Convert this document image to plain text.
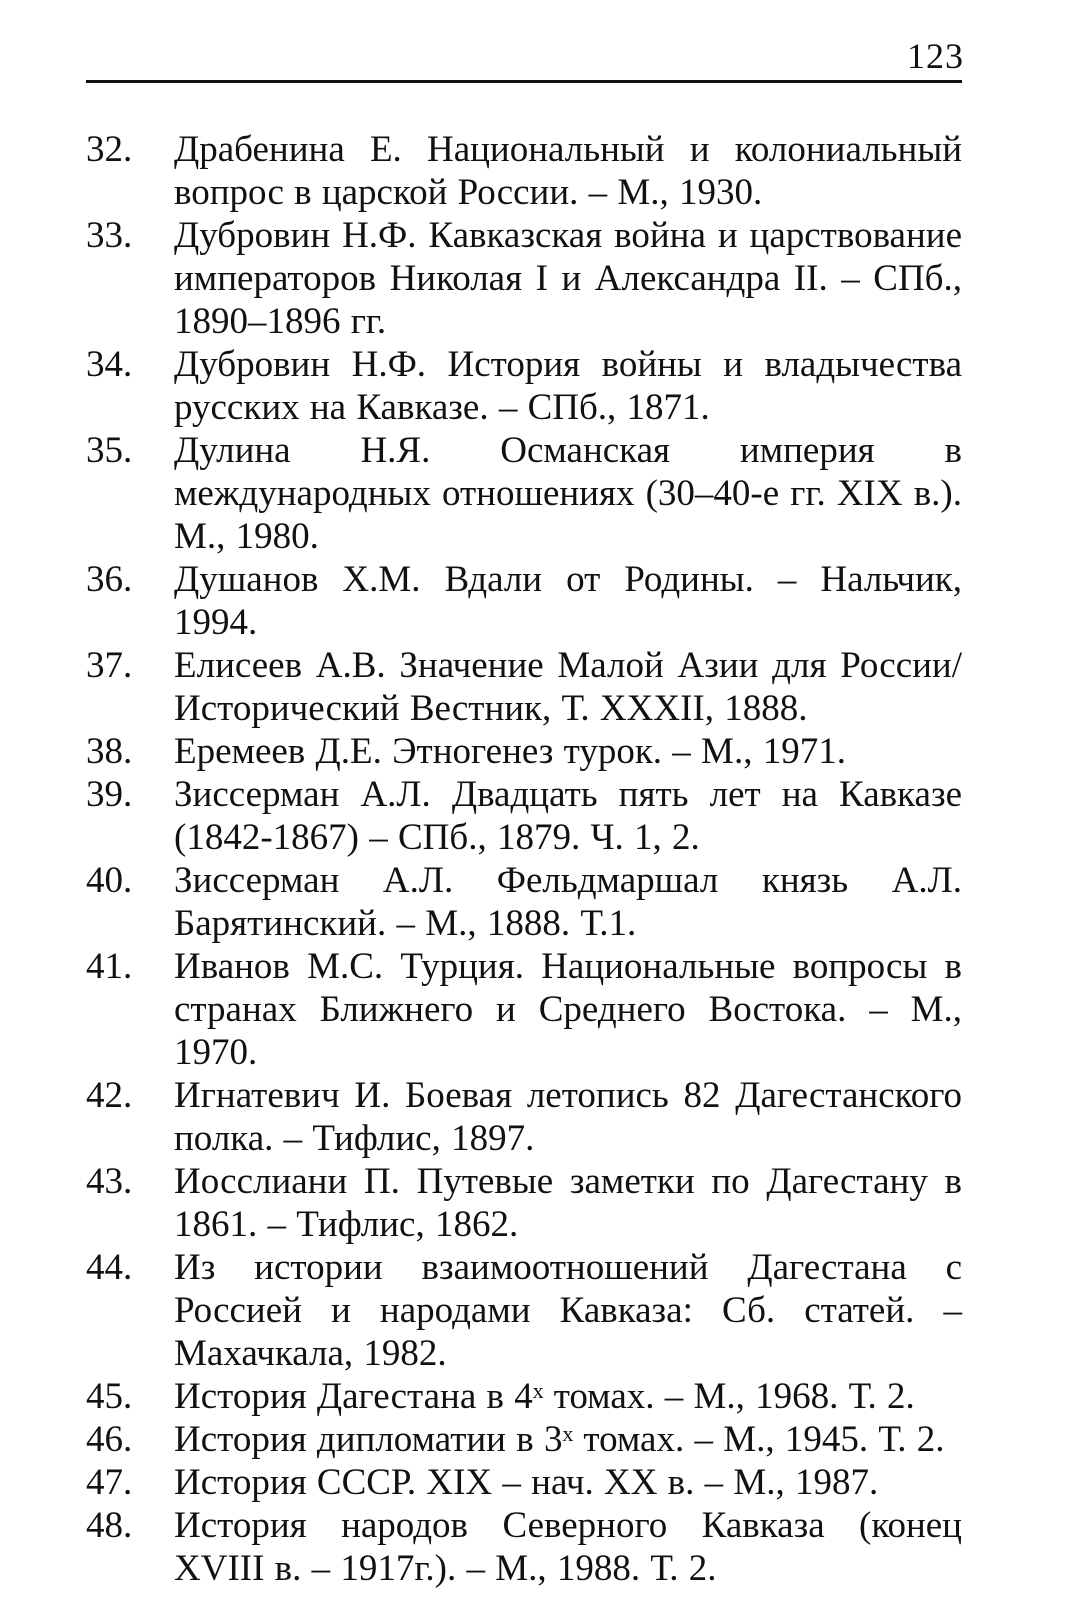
123
32.	Драбенина Е. Национальный и колониальный вопрос в царской России. – М., 1930.
33.	Дубровин Н.Ф. Кавказская война и царствование императоров Николая I и Александра II. – СПб., 1890–1896 гг.
34.	Дубровин Н.Ф. История войны и владычества русских на Кавказе. – СПб., 1871.
35.	Дулина Н.Я. Османская империя в международных отношениях (30–40-е гг. XIX в.). М., 1980.
36.	Душанов Х.М. Вдали от Родины. – Нальчик, 1994.
37.	Елисеев А.В. Значение Малой Азии для России/Исторический Вестник, Т. XXXII, 1888.
38.	Еремеев Д.Е. Этногенез турок. – М., 1971.
39.	Зиссерман А.Л. Двадцать пять лет на Кавказе (1842-1867) – СПб., 1879. Ч. 1, 2.
40.	Зиссерман А.Л. Фельдмаршал князь А.Л. Барятинский. – М., 1888. Т.1.
41.	Иванов М.С. Турция. Национальные вопросы в странах Ближнего и Среднего Востока. – М., 1970.
42.	Игнатевич И. Боевая летопись 82 Дагестанского полка. – Тифлис, 1897.
43.	Иосслиани П. Путевые заметки по Дагестану в 1861. – Тифлис, 1862.
44.	Из истории взаимоотношений Дагестана с Россией и народами Кавказа: Сб. статей. – Махачкала, 1982.
45.	История Дагестана в 4ˣ томах. – М., 1968. Т. 2.
46.	История дипломатии в 3ˣ томах. – М., 1945. Т. 2.
47.	История СССР. XIX – нач. XX в. – М., 1987.
48.	История народов Северного Кавказа (конец XVIII в. – 1917г.). – М., 1988. Т. 2.
